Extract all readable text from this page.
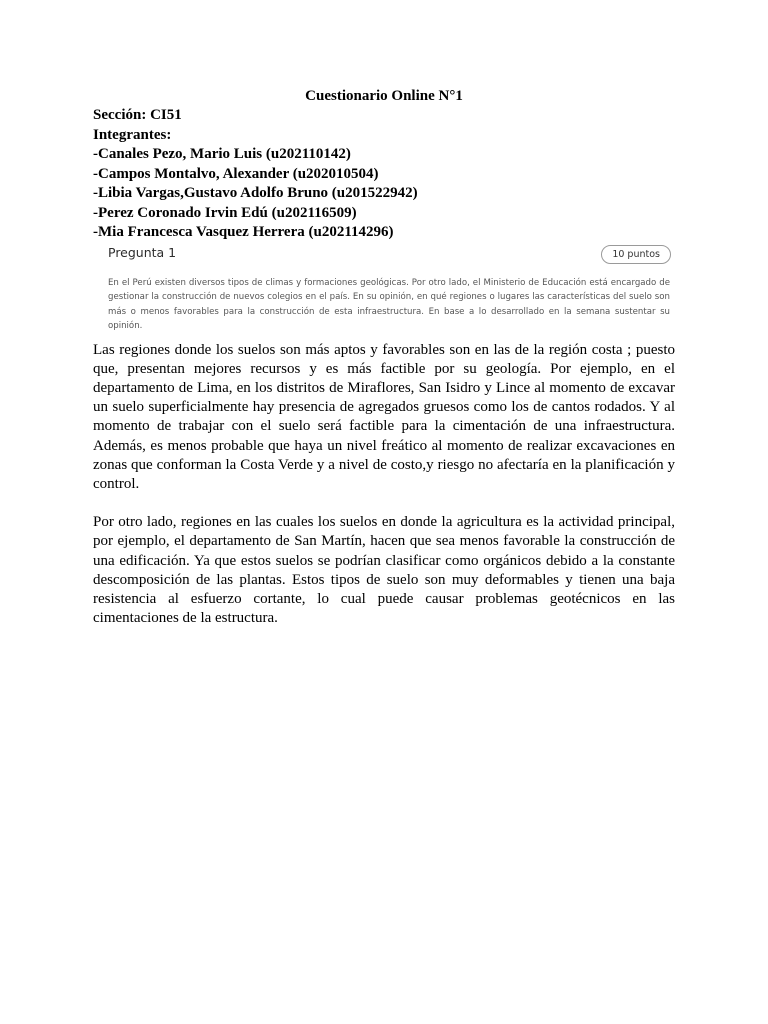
Cuestionario Online N°1

Sección: CI51

Integrantes:

-Canales Pezo, Mario Luis (u202110142)

-Campos Montalvo, Alexander (u202010504)

-Libia Vargas,Gustavo Adolfo Bruno (u201522942)

-Perez Coronado Irvin Edú (u202116509)

-Mia Francesca Vasquez Herrera (u202114296)

Pregunta 1	10 puntos
En el Perú existen diversos tipos de climas y formaciones geológicas. Por otro lado, el Ministerio de Educación está encargado de gestionar la construcción de nuevos colegios en el país. En su opinión, en qué regiones o lugares las características del suelo son más o menos favorables para la construcción de esta infraestructura. En base a lo desarrollado en la semana sustentar su opinión.

Las regiones donde los suelos son más aptos y favorables son en las de la región costa ; puesto que, presentan mejores recursos y es más factible por su geología. Por ejemplo, en el departamento de Lima, en los distritos de Miraflores, San Isidro y Lince al momento de excavar un suelo superficialmente hay presencia de agregados gruesos como los de cantos rodados. Y al momento de trabajar con el suelo será factible para la cimentación de una infraestructura. Además, es menos probable que haya un nivel freático al momento de realizar excavaciones en zonas que conforman la Costa Verde y a nivel de costo,y riesgo no afectaría en la planificación y control.

Por otro lado, regiones en las cuales los suelos en donde la agricultura es la actividad principal, por ejemplo, el departamento de San Martín, hacen que sea menos favorable la construcción de una edificación. Ya que estos suelos se podrían clasificar como orgánicos debido a la constante descomposición de las plantas. Estos tipos de suelo son muy deformables y tienen una baja resistencia al esfuerzo cortante, lo cual puede causar problemas geotécnicos en las cimentaciones de la estructura.
